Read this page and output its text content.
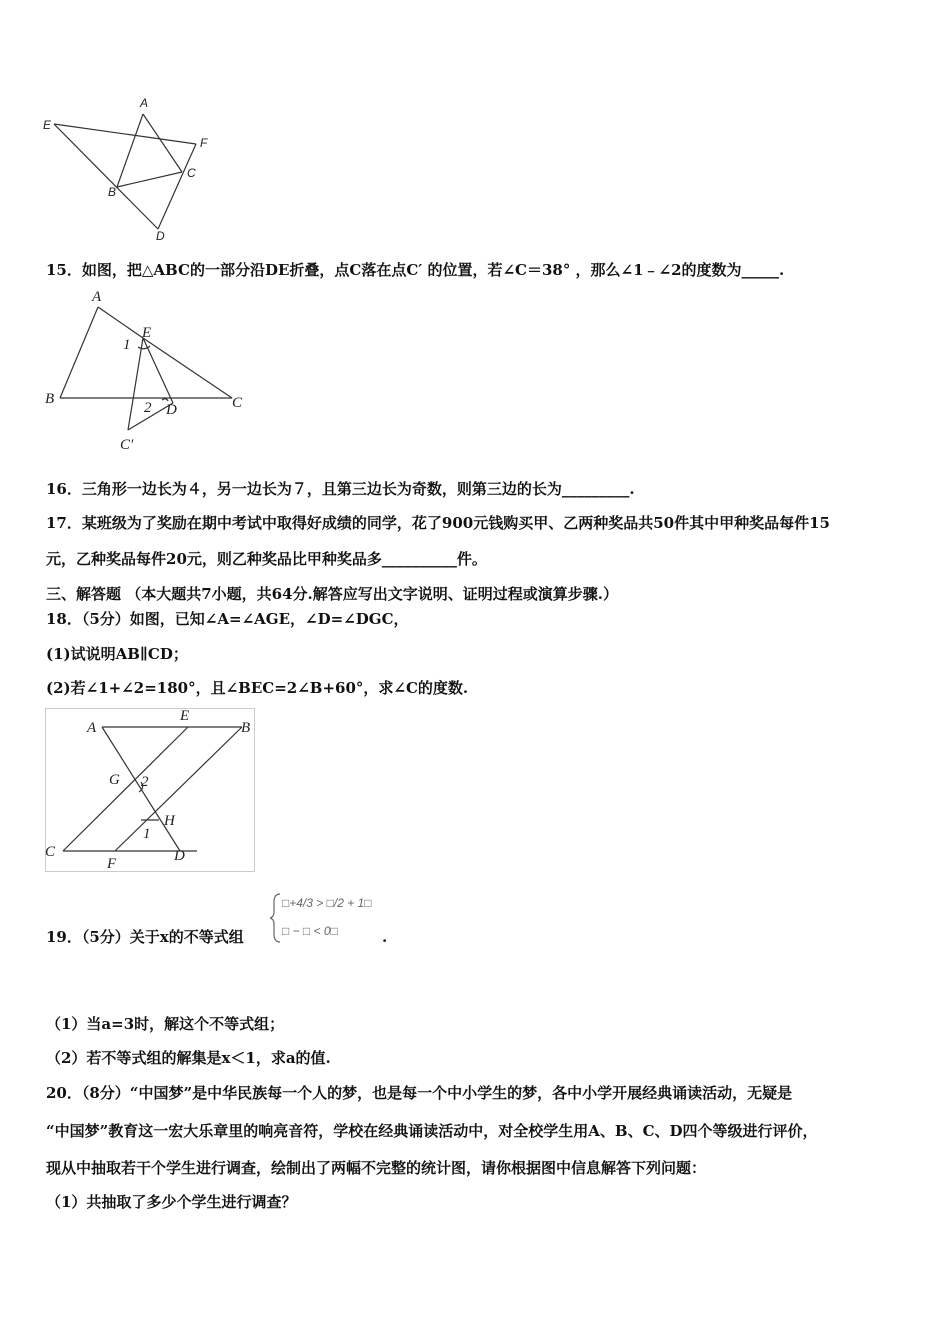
A
E
F
C
B
D
15．如图，把△ABC的一部分沿DE折叠，点C落在点C′ 的位置，若∠C＝38° ，那么∠1﹣∠2的度数为_____.
A
E
1
B
2 D	C
C′
16．三角形一边长为４，另一边长为７，且第三边长为奇数，则第三边的长为_________.
17．某班级为了奖励在期中考试中取得好成绩的同学，花了900元钱购买甲、乙两种奖品共50件其中甲种奖品每件15
元，乙种奖品每件20元，则乙种奖品比甲种奖品多__________件。
三、解答题 （本大题共7小题，共64分.解答应写出文字说明、证明过程或演算步骤.）
18．（5分）如图，已知∠A=∠AGE，∠D=∠DGC，
(1)试说明AB∥CD；
(2)若∠1+∠2=180°，且∠BEC=2∠B+60°，求∠C的度数.
A
E
B
G 2
H
1
C
F	D
19．（5分）关于x的不等式组
□+4/3 > □/2 + 1□
□ − □ < 0□	.
（1）当a=3时，解这个不等式组；
（2）若不等式组的解集是x＜1，求a的值.
20．（8分）“中国梦”是中华民族每一个人的梦，也是每一个中小学生的梦，各中小学开展经典诵读活动，无疑是
“中国梦”教育这一宏大乐章里的响亮音符，学校在经典诵读活动中，对全校学生用A、B、C、D四个等级进行评价，
现从中抽取若干个学生进行调查，绘制出了两幅不完整的统计图，请你根据图中信息解答下列问题：
（1）共抽取了多少个学生进行调查？
